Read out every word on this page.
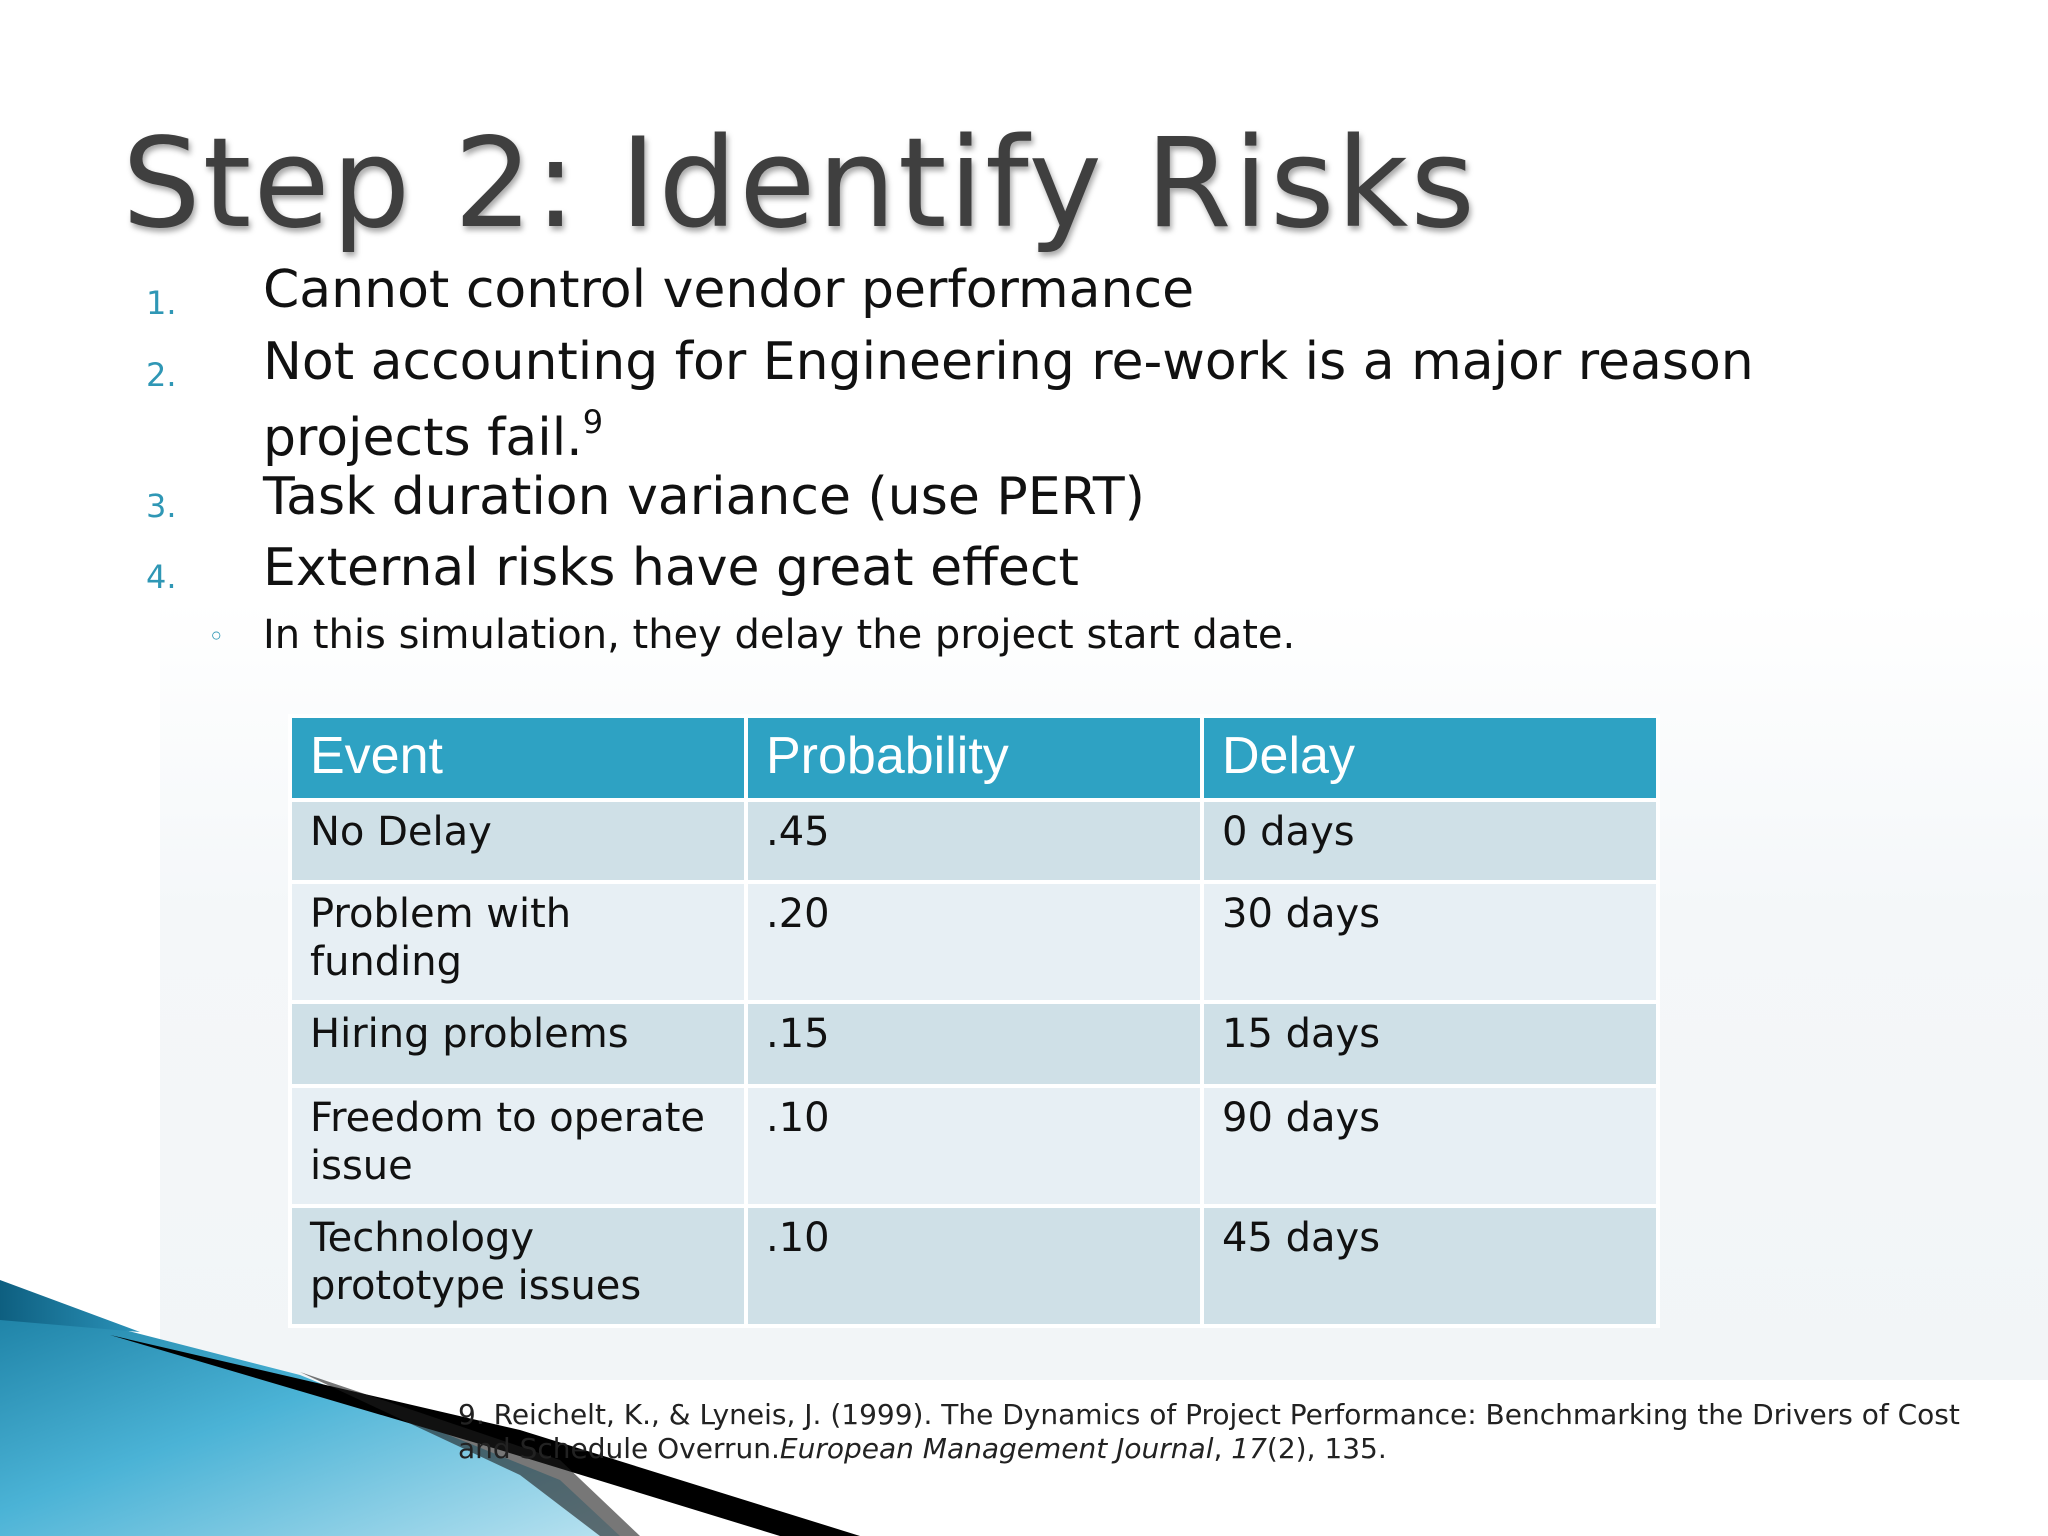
Step 2: Identify Risks
1. Cannot control vendor performance
2. Not accounting for Engineering re-work is a major reason projects fail.$^9$
3. Task duration variance (use PERT)
4. External risks have great effect
◦ In this simulation, they delay the project start date.
Event	Probability	Delay
No Delay	.45	0 days
Problem with funding	.20	30 days
Hiring problems	.15	15 days
Freedom to operate issue	.10	90 days
Technology prototype issues	.10	45 days
9. Reichelt, K., & Lyneis, J. (1999). The Dynamics of Project Performance: Benchmarking the Drivers of Cost and Schedule Overrun.European Management Journal, 17(2), 135.
